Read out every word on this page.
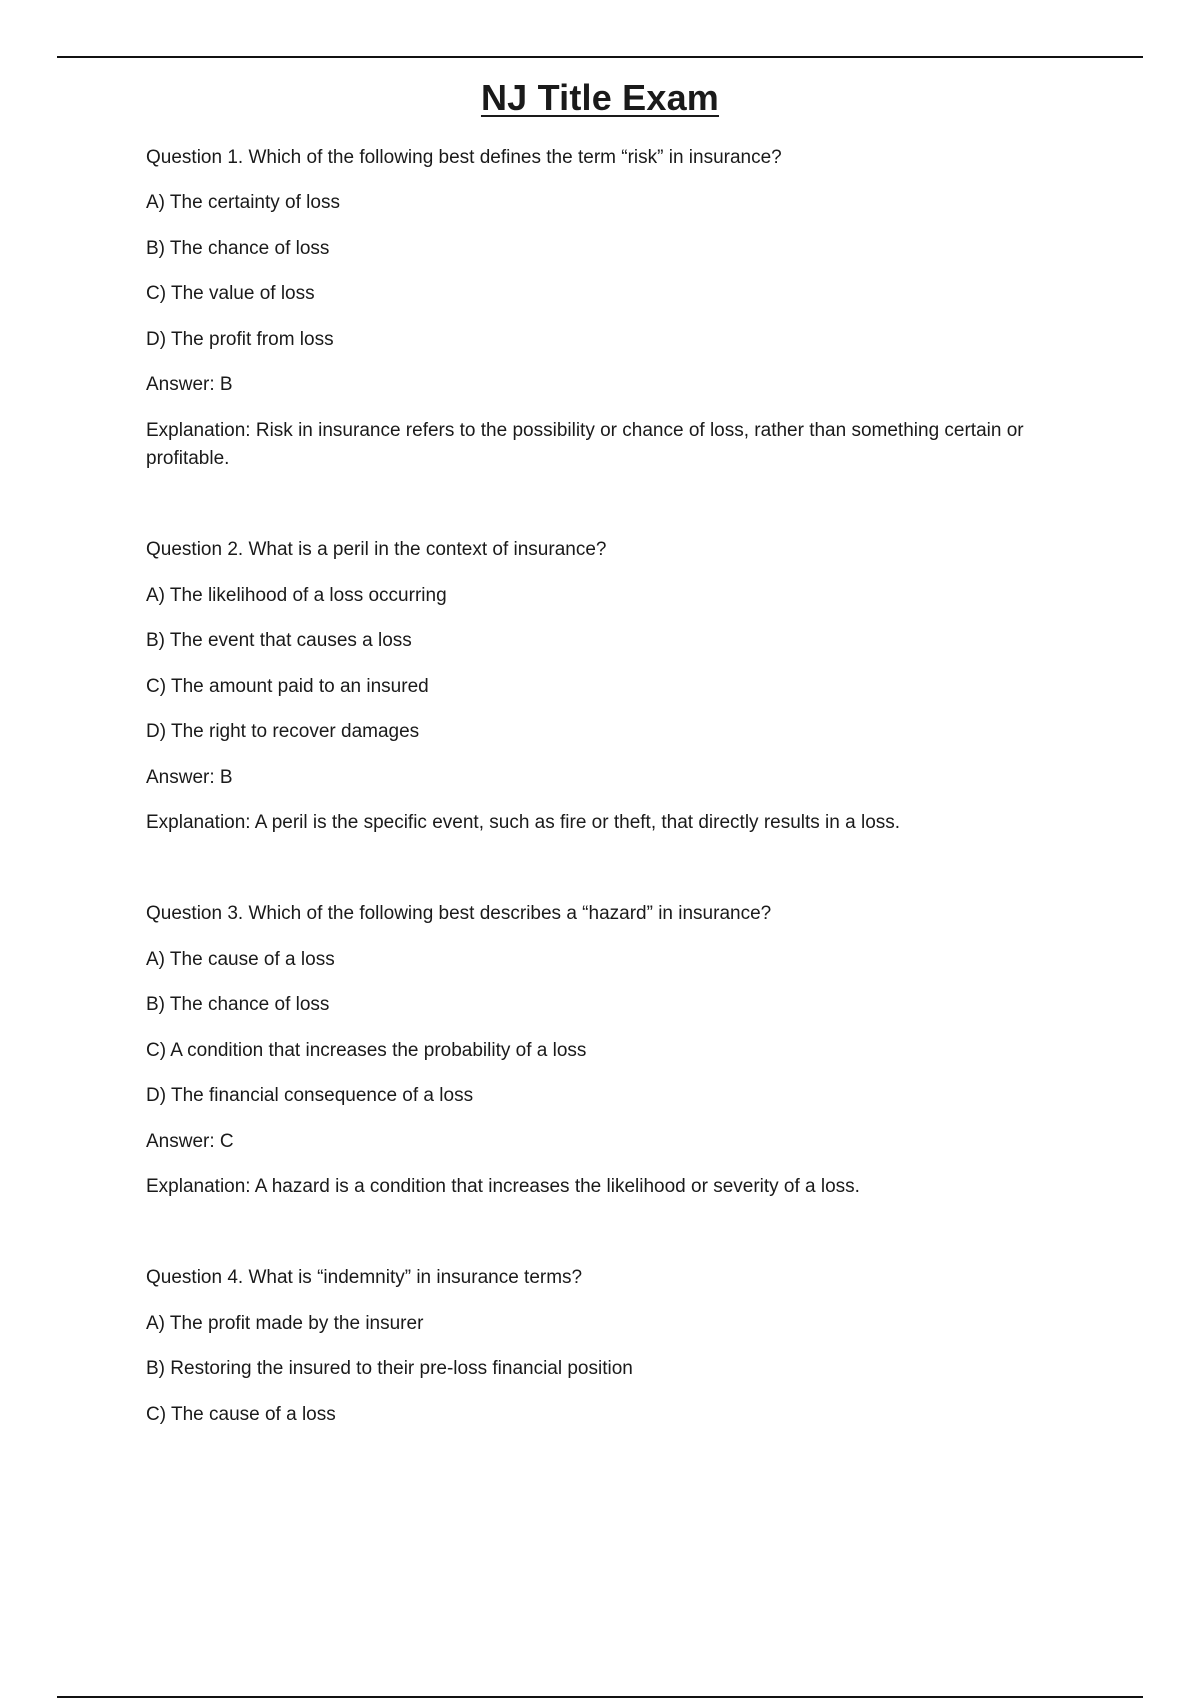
NJ Title Exam

Question 1. Which of the following best defines the term “risk” in insurance?

A) The certainty of loss

B) The chance of loss

C) The value of loss

D) The profit from loss

Answer: B

Explanation: Risk in insurance refers to the possibility or chance of loss, rather than something certain or profitable.

Question 2. What is a peril in the context of insurance?

A) The likelihood of a loss occurring

B) The event that causes a loss

C) The amount paid to an insured

D) The right to recover damages

Answer: B

Explanation: A peril is the specific event, such as fire or theft, that directly results in a loss.

Question 3. Which of the following best describes a “hazard” in insurance?

A) The cause of a loss

B) The chance of loss

C) A condition that increases the probability of a loss

D) The financial consequence of a loss

Answer: C

Explanation: A hazard is a condition that increases the likelihood or severity of a loss.

Question 4. What is “indemnity” in insurance terms?

A) The profit made by the insurer

B) Restoring the insured to their pre-loss financial position

C) The cause of a loss
